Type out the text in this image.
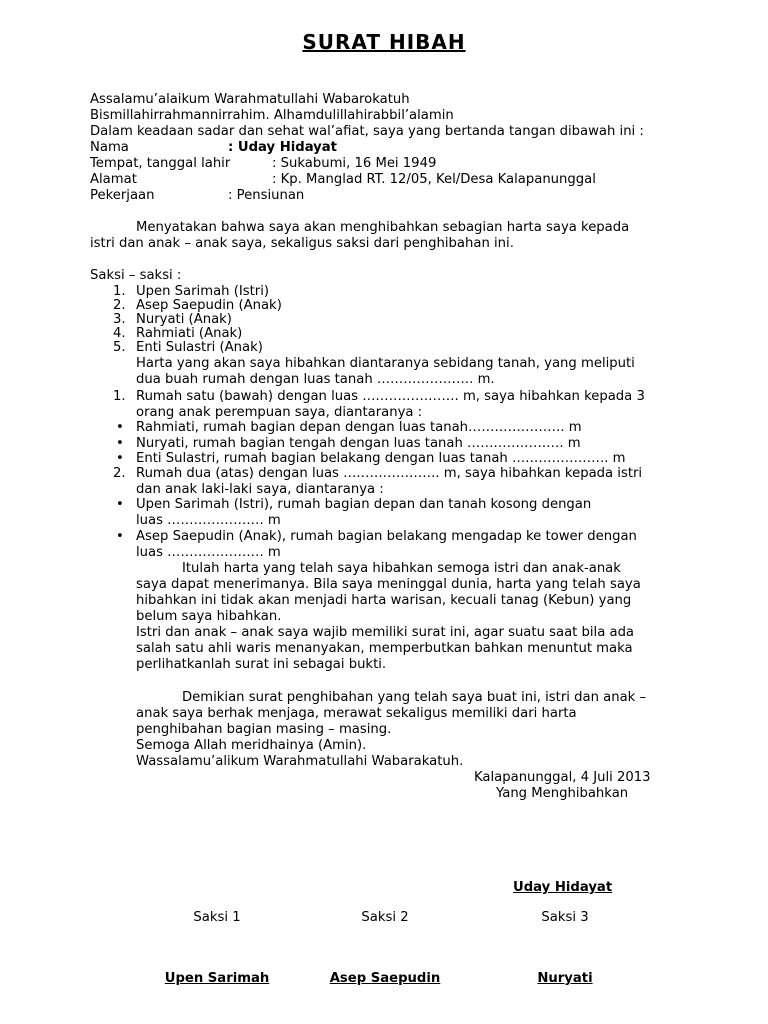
SURAT HIBAH
Assalamu’alaikum Warahmatullahi Wabarokatuh
Bismillahirrahmannirrahim. Alhamdulillahirabbil’alamin
Dalam keadaan sadar dan sehat wal’afiat, saya yang bertanda tangan dibawah ini :
Nama	: Uday Hidayat
Tempat, tanggal lahir	: Sukabumi, 16 Mei 1949
Alamat	: Kp. Manglad RT. 12/05, Kel/Desa Kalapanunggal
Pekerjaan	: Pensiunan
Menyatakan bahwa saya akan menghibahkan sebagian harta saya kepada
istri dan anak – anak saya, sekaligus saksi dari penghibahan ini.
Saksi – saksi :
1. Upen Sarimah (Istri)
2. Asep Saepudin (Anak)
3. Nuryati (Anak)
4. Rahmiati (Anak)
5. Enti Sulastri (Anak)
Harta yang akan saya hibahkan diantaranya sebidang tanah, yang meliputi
dua buah rumah dengan luas tanah …………………. m.
1. Rumah satu (bawah) dengan luas …………………. m, saya hibahkan kepada 3
orang anak perempuan saya, diantaranya :
• Rahmiati, rumah bagian depan dengan luas tanah…………………. m
• Nuryati, rumah bagian tengah dengan luas tanah …………………. m
• Enti Sulastri, rumah bagian belakang dengan luas tanah …………………. m
2. Rumah dua (atas) dengan luas …………………. m, saya hibahkan kepada istri
dan anak laki-laki saya, diantaranya :
• Upen Sarimah (Istri), rumah bagian depan dan tanah kosong dengan
luas …………………. m
• Asep Saepudin (Anak), rumah bagian belakang mengadap ke tower dengan
luas …………………. m
Itulah harta yang telah saya hibahkan semoga istri dan anak-anak
saya dapat menerimanya. Bila saya meninggal dunia, harta yang telah saya
hibahkan ini tidak akan menjadi harta warisan, kecuali tanag (Kebun) yang
belum saya hibahkan.
Istri dan anak – anak saya wajib memiliki surat ini, agar suatu saat bila ada
salah satu ahli waris menanyakan, memperbutkan bahkan menuntut maka
perlihatkanlah surat ini sebagai bukti.
Demikian surat penghibahan yang telah saya buat ini, istri dan anak –
anak saya berhak menjaga, merawat sekaligus memiliki dari harta
penghibahan bagian masing – masing.
Semoga Allah meridhainya (Amin).
Wassalamu’alikum Warahmatullahi Wabarakatuh.
Kalapanunggal, 4 Juli 2013
Yang Menghibahkan
Uday Hidayat
Saksi 1	Saksi 2	Saksi 3
Upen Sarimah	Asep Saepudin	Nuryati
